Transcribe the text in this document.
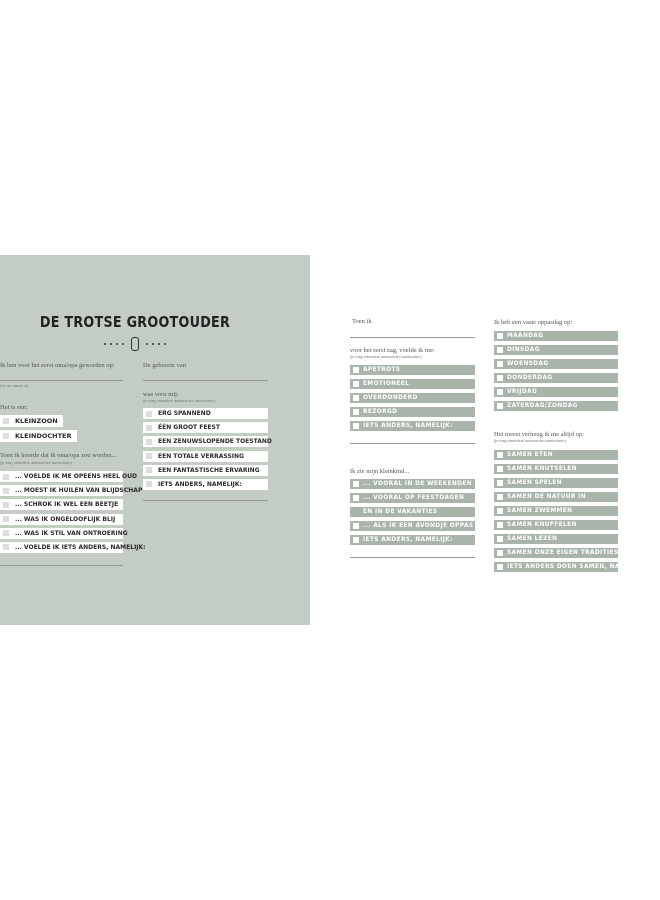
DE TROTSE GROOTOUDER
Ik ben voor het eerst oma/opa geworden op:
(vul de datum in)
Het is een:
KLEINZOON
KLEINDOCHTER
Toen ik hoorde dat ik oma/opa zou worden...
(je mag meerdere antwoorden aankruisen)
... VOELDE IK ME OPEENS HEEL OUD
... MOEST IK HUILEN VAN BLIJDSCHAP
... SCHROK IK WEL EEN BEETJE
... WAS IK ONGELOOFLIJK BLIJ
... WAS IK STIL VAN ONTROERING
... VOELDE IK IETS ANDERS, NAMELIJK:
De geboorte van
was voor mij:
(je mag meerdere antwoorden aankruisen)
ERG SPANNEND
ÉÉN GROOT FEEST
EEN ZENUWSLOPENDE TOESTAND
EEN TOTALE VERRASSING
EEN FANTASTISCHE ERVARING
IETS ANDERS, NAMELIJK:
Toen ik
voor het eerst zag, voelde ik me:
(je mag meerdere antwoorden aankruisen)
APETROTS
EMOTIONEEL
OVERDONDERD
BEZORGD
IETS ANDERS, NAMELIJK:
Ik zie mijn kleinkind...
... VOORAL IN DE WEEKENDEN
... VOORAL OP FEESTDAGEN
EN IN DE VAKANTIES
... ALS IK EEN AVONDJE OPPAS
IETS ANDERS, NAMELIJK:
Ik heb een vaste oppasdag op:
MAANDAG
DINSDAG
WOENSDAG
DONDERDAG
VRIJDAG
ZATERDAG/ZONDAG
Het meest verheug ik me altijd op:
(je mag meerdere antwoorden aankruisen)
SAMEN ETEN
SAMEN KNUTSELEN
SAMEN SPELEN
SAMEN DE NATUUR IN
SAMEN ZWEMMEN
SAMEN KNUFFELEN
SAMEN LEZEN
SAMEN ONZE EIGEN TRADITIES MAKEN
IETS ANDERS DOEN SAMEN, NAMELIJK:
